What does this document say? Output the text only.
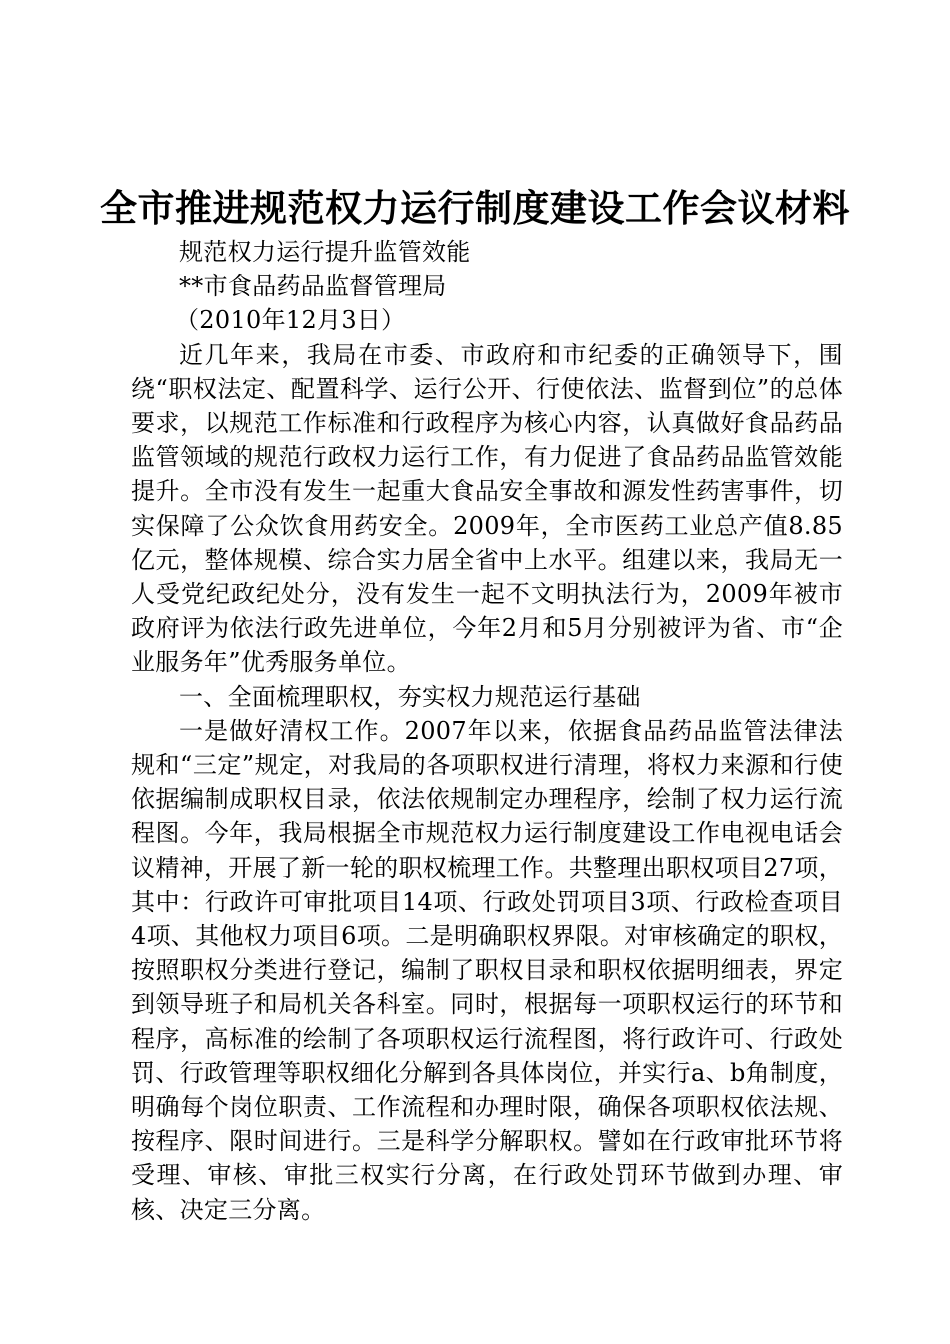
全市推进规范权力运行制度建设工作会议材料

规范权力运行提升监管效能

**市食品药品监督管理局

（2010年12月3日）

近几年来，我局在市委、市政府和市纪委的正确领导下，围绕“职权法定、配置科学、运行公开、行使依法、监督到位”的总体要求，以规范工作标准和行政程序为核心内容，认真做好食品药品监管领域的规范行政权力运行工作，有力促进了食品药品监管效能提升。全市没有发生一起重大食品安全事故和源发性药害事件，切实保障了公众饮食用药安全。2009年，全市医药工业总产值8.85亿元，整体规模、综合实力居全省中上水平。组建以来，我局无一人受党纪政纪处分，没有发生一起不文明执法行为，2009年被市政府评为依法行政先进单位，今年2月和5月分别被评为省、市“企业服务年”优秀服务单位。

一、全面梳理职权，夯实权力规范运行基础

一是做好清权工作。2007年以来，依据食品药品监管法律法规和“三定”规定，对我局的各项职权进行清理，将权力来源和行使依据编制成职权目录，依法依规制定办理程序，绘制了权力运行流程图。今年，我局根据全市规范权力运行制度建设工作电视电话会议精神，开展了新一轮的职权梳理工作。共整理出职权项目27项，其中：行政许可审批项目14项、行政处罚项目3项、行政检查项目4项、其他权力项目6项。二是明确职权界限。对审核确定的职权，按照职权分类进行登记，编制了职权目录和职权依据明细表，界定到领导班子和局机关各科室。同时，根据每一项职权运行的环节和程序，高标准的绘制了各项职权运行流程图，将行政许可、行政处罚、行政管理等职权细化分解到各具体岗位，并实行a、b角制度，明确每个岗位职责、工作流程和办理时限，确保各项职权依法规、按程序、限时间进行。三是科学分解职权。譬如在行政审批环节将受理、审核、审批三权实行分离，在行政处罚环节做到办理、审核、决定三分离。
